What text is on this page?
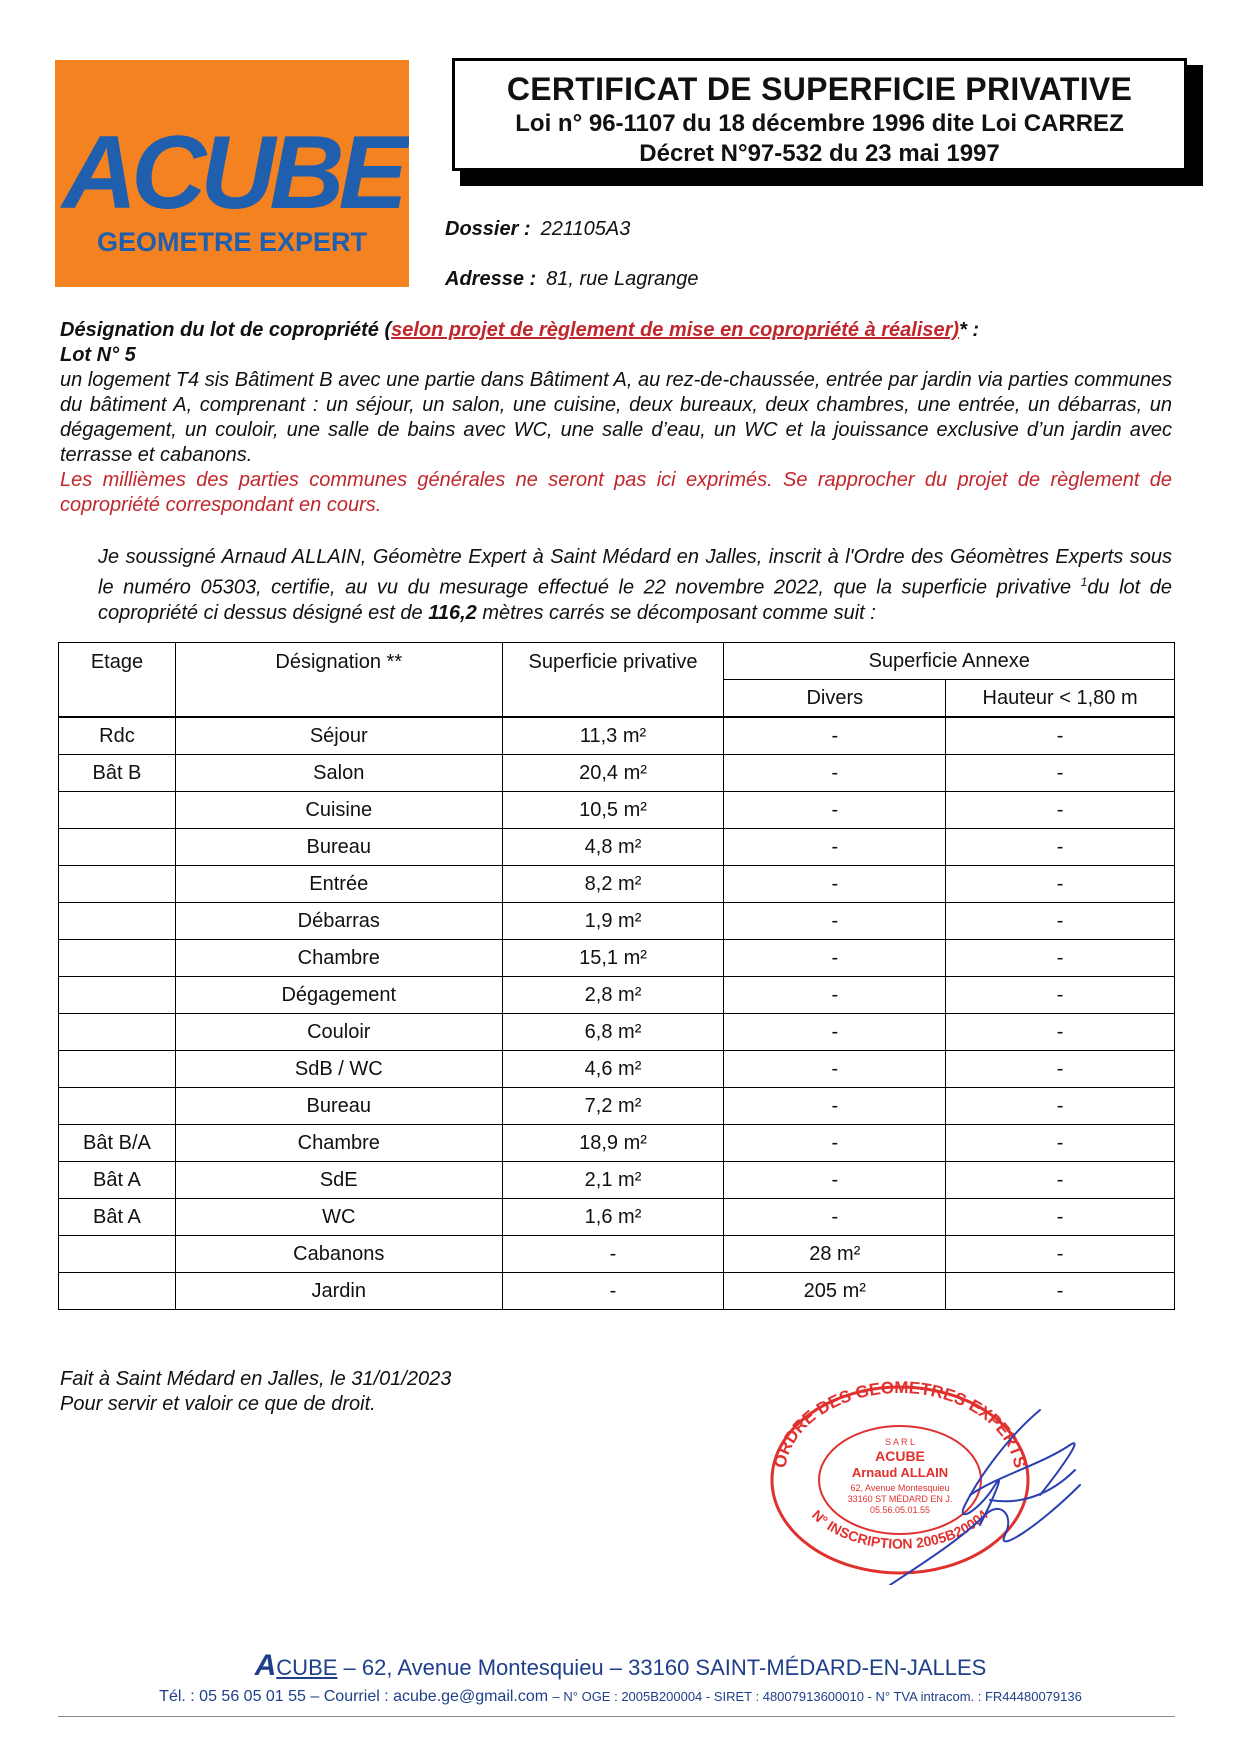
ACUBE
GEOMETRE EXPERT
CERTIFICAT DE SUPERFICIE PRIVATIVE
Loi n° 96-1107 du 18 décembre 1996 dite Loi CARREZ
Décret N°97-532 du 23 mai 1997
Dossier : 221105A3
Adresse : 81, rue Lagrange
Désignation du lot de copropriété (selon projet de règlement de mise en copropriété à réaliser)* :
Lot N° 5
un logement T4 sis Bâtiment B avec une partie dans Bâtiment A, au rez-de-chaussée, entrée par jardin via parties communes du bâtiment A, comprenant : un séjour, un salon, une cuisine, deux bureaux, deux chambres, une entrée, un débarras, un dégagement, un couloir, une salle de bains avec WC, une salle d’eau, un WC et la jouissance exclusive d’un jardin avec terrasse et cabanons.
Les millièmes des parties communes générales ne seront pas ici exprimés. Se rapprocher du projet de règlement de copropriété correspondant en cours.
Je soussigné Arnaud ALLAIN, Géomètre Expert à Saint Médard en Jalles, inscrit à l'Ordre des Géomètres Experts sous le numéro 05303, certifie, au vu du mesurage effectué le 22 novembre 2022, que la superficie privative $^1$du lot de copropriété ci dessus désigné est de 116,2 mètres carrés se décomposant comme suit :
Etage	Désignation **	Superficie privative	Superficie Annexe	
			Divers	Hauteur < 1,80 m
Rdc	Séjour	11,3 m²	-	-
Bât B	Salon	20,4 m²	-	-
	Cuisine	10,5 m²	-	-
	Bureau	4,8 m²	-	-
	Entrée	8,2 m²	-	-
	Débarras	1,9 m²	-	-
	Chambre	15,1 m²	-	-
	Dégagement	2,8 m²	-	-
	Couloir	6,8 m²	-	-
	SdB / WC	4,6 m²	-	-
	Bureau	7,2 m²	-	-
Bât B/A	Chambre	18,9 m²	-	-
Bât A	SdE	2,1 m²	-	-
Bât A	WC	1,6 m²	-	-
	Cabanons	-	28 m²	-
	Jardin	-	205 m²	-
Fait à Saint Médard en Jalles, le 31/01/2023
Pour servir et valoir ce que de droit.
ORDRE DES GEOMETRES EXPERTS
N° INSCRIPTION 2005B20004
S A R L
ACUBE
Arnaud ALLAIN
62, Avenue Montesquieu
33160 ST MÉDARD EN J.
05.56.05.01.55
ACUBE – 62, Avenue Montesquieu – 33160 SAINT-MÉDARD-EN-JALLES
Tél. : 05 56 05 01 55 – Courriel : acube.ge@gmail.com – N° OGE : 2005B200004 - SIRET : 48007913600010 - N° TVA intracom. : FR44480079136
